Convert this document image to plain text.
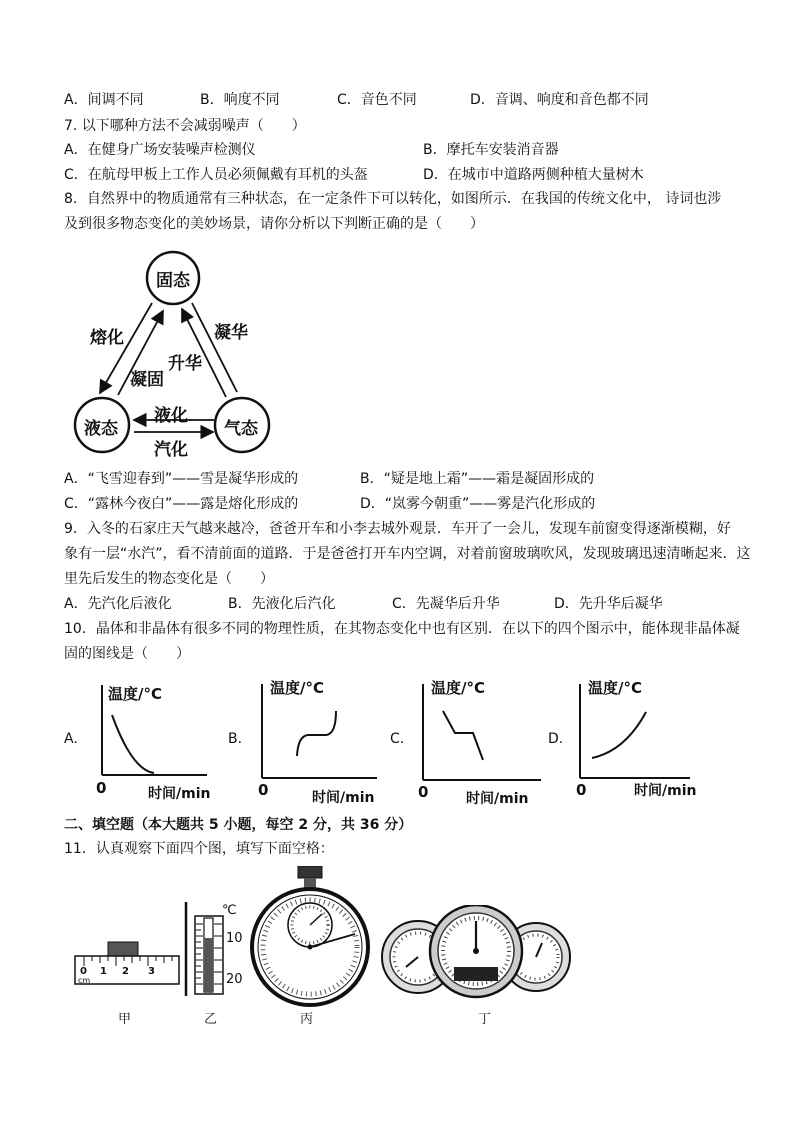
A．间调不同	B．响度不同	C．音色不同	D．音调、响度和音色都不同
7. 以下哪种方法不会减弱噪声（　　）
A．在健身广场安装噪声检测仪	B．摩托车安装消音器
C．在航母甲板上工作人员必须佩戴有耳机的头盔	D．在城市中道路两侧种植大量树木
8．自然界中的物质通常有三种状态，在一定条件下可以转化，如图所示．在我国的传统文化中， 诗词也涉
及到很多物态变化的美妙场景，请你分析以下判断正确的是（　　）
固态
液态	气态
熔化
凝固
升华
凝华
液化
汽化
A．“飞雪迎春到”——雪是凝华形成的	B．“疑是地上霜”——霜是凝固形成的
C．“露林今夜白”——露是熔化形成的	D．“岚雾今朝重”——雾是汽化形成的
9．入冬的石家庄天气越来越冷，爸爸开车和小李去城外观景．车开了一会儿，发现车前窗变得逐渐模糊，好
象有一层“水汽”，看不清前面的道路．于是爸爸打开车内空调，对着前窗玻璃吹风，发现玻璃迅速清晰起来．这
里先后发生的物态变化是（　　）
A．先汽化后液化	B．先液化后汽化	C．先凝华后升华	D．先升华后凝华
10．晶体和非晶体有很多不同的物理性质，在其物态变化中也有区别．在以下的四个图示中，能体现非晶体凝
固的图线是（　　）
A.
温度/°C
0	时间/min
B.
温度/°C
0	时间/min
C.
温度/°C
0	时间/min
D.
温度/°C
0	时间/min
二、填空题（本大题共 5 小题，每空 2 分，共 36 分）
11．认真观察下面四个图，填写下面空格：
0 1 2 3
cm
℃
10
20
甲	乙	丙	丁
